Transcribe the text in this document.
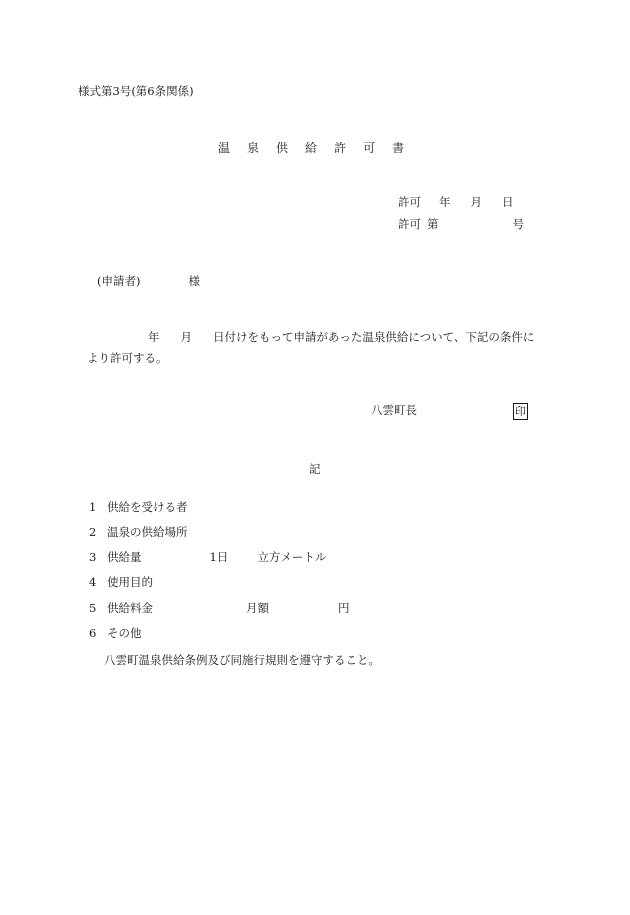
様式第3号(第6条関係)
温 泉 供 給 許 可 書
許可 年 月 日
許可 第	号
(申請者)	様
年 月 日付けをもって申請があった温泉供給について、下記の条件に
より許可する。
八雲町長	印
記
1 供給を受ける者
2 温泉の供給場所
3 供給量	1日	立方メートル
4 使用目的
5 供給料金	月額	円
6 その他
八雲町温泉供給条例及び同施行規則を遵守すること。
